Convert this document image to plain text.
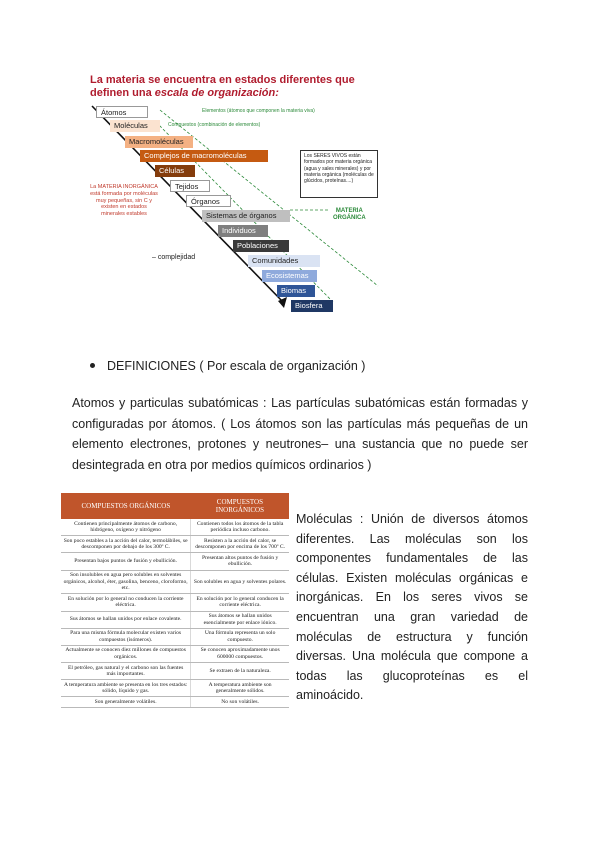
La materia se encuentra en estados diferentes que
definen una escala de organización:
Átomos
Moléculas
Macromoléculas
Complejos de macromoléculas
Células
Tejidos
Órganos
Sistemas de órganos
Individuos
Poblaciones
Comunidades
Ecosistemas
Biomas
Biosfera
Elementos (átomos que componen la materia viva)
Compuestos (combinación de elementos)
La MATERIA INORGÁNICA está formada por moléculas muy pequeñas, sin C y existen en estados minerales estables
Los SERES VIVOS están formados por materia orgánica (agua y sales minerales) y por materia orgánica (moléculas de glúcidos, proteínas....)
MATERIA
ORGÁNICA
– complejidad
DEFINICIONES ( Por escala de organización )
Atomos y particulas subatómicas : Las partículas subatómicas están formadas y configuradas por átomos. ( Los átomos son las partículas más pequeñas de un elemento electrones, protones y neutrones– una sustancia que no puede ser desintegrada en otra por medios químicos ordinarios )
COMPUESTOS ORGÁNICOS	COMPUESTOS INORGÁNICOS
Contienen principalmente átomos de carbono, hidrógeno, oxígeno y nitrógeno	Contienen todos los átomos de la tabla periódica incluso carbono.
Son poco estables a la acción del calor, termolábiles, se descomponen por debajo de los 300º C.	Resisten a la acción del calor, se descomponen por encima de los 700º C.
Presentan bajos puntos de fusión y ebullición.	Presentan altos puntos de fusión y ebullición.
Son insolubles en agua pero solubles en solventes orgánicos, alcohol, éter, gasolina, benceno, cloroformo, etc.	Son solubles en agua y solventes polares.
En solución por lo general no conducen la corriente eléctrica.	En solución por lo general conducen la corriente eléctrica.
Sus átomos se hallan unidos por enlace covalente.	Sus átomos se hallan unidos esencialmente por enlace iónico.
Para una misma fórmula molecular existen varios compuestos (isómeros).	Una fórmula representa un solo compuesto.
Actualmente se conocen diez millones de compuestos orgánicos.	Se conocen aproximadamente unos 600000 compuestos.
El petróleo, gas natural y el carbono son las fuentes más importantes.	Se extraen de la naturaleza.
A temperatura ambiente se presenta en los tres estados: sólido, líquido y gas.	A temperatura ambiente son generalmente sólidos.
Son generalmente volátiles.	No son volátiles.
Moléculas : Unión de diversos átomos diferentes. Las moléculas son los componentes fundamentales de las células. Existen moléculas orgánicas e inorgánicas. En los seres vivos se encuentran una gran variedad de moléculas de estructura y función diversas. Una molécula que compone a todas las glucoproteínas es el aminoácido.
